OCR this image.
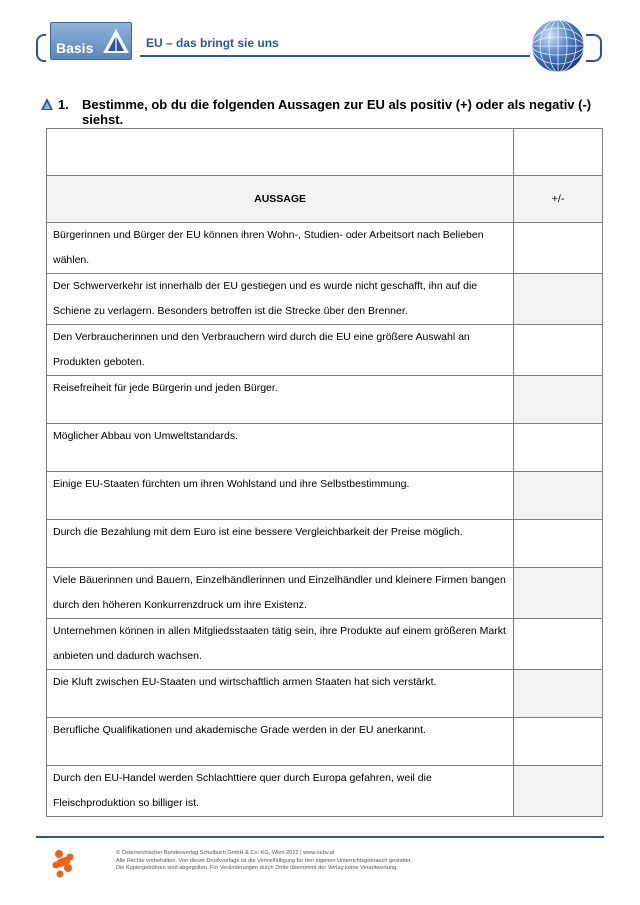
Basis	EU – das bringt sie uns
1. Bestimme, ob du die folgenden Aussagen zur EU als positiv (+) oder als negativ (-) siehst.

AUSSAGE	+/-
Bürgerinnen und Bürger der EU können ihren Wohn-, Studien- oder Arbeitsort nach Belieben wählen.	
Der Schwerverkehr ist innerhalb der EU gestiegen und es wurde nicht geschafft, ihn auf die Schiene zu verlagern. Besonders betroffen ist die Strecke über den Brenner.	
Den Verbraucherinnen und den Verbrauchern wird durch die EU eine größere Auswahl an Produkten geboten.	
Reisefreiheit für jede Bürgerin und jeden Bürger.	
Möglicher Abbau von Umweltstandards.	
Einige EU-Staaten fürchten um ihren Wohlstand und ihre Selbstbestimmung.	
Durch die Bezahlung mit dem Euro ist eine bessere Vergleichbarkeit der Preise möglich.	
Viele Bäuerinnen und Bauern, Einzelhändlerinnen und Einzelhändler und kleinere Firmen bangen durch den höheren Konkurrenzdruck um ihre Existenz.	
Unternehmen können in allen Mitgliedsstaaten tätig sein, ihre Produkte auf einem größeren Markt anbieten und dadurch wachsen.	
Die Kluft zwischen EU-Staaten und wirtschaftlich armen Staaten hat sich verstärkt.	
Berufliche Qualifikationen und akademische Grade werden in der EU anerkannt.	
Durch den EU-Handel werden Schlachttiere quer durch Europa gefahren, weil die Fleischproduktion so billiger ist.	
© Österreichischer Bundesverlag Schulbuch GmbH & Co. KG, Wien 2022 | www.oebv.at
Alle Rechte vorbehalten. Von dieser Druckvorlage ist die Vervielfältigung für den eigenen Unterrichtsgebrauch gestattet.
Die Kopiergebühren sind abgegolten. Für Veränderungen durch Dritte übernimmt der Verlag keine Verantwortung.
